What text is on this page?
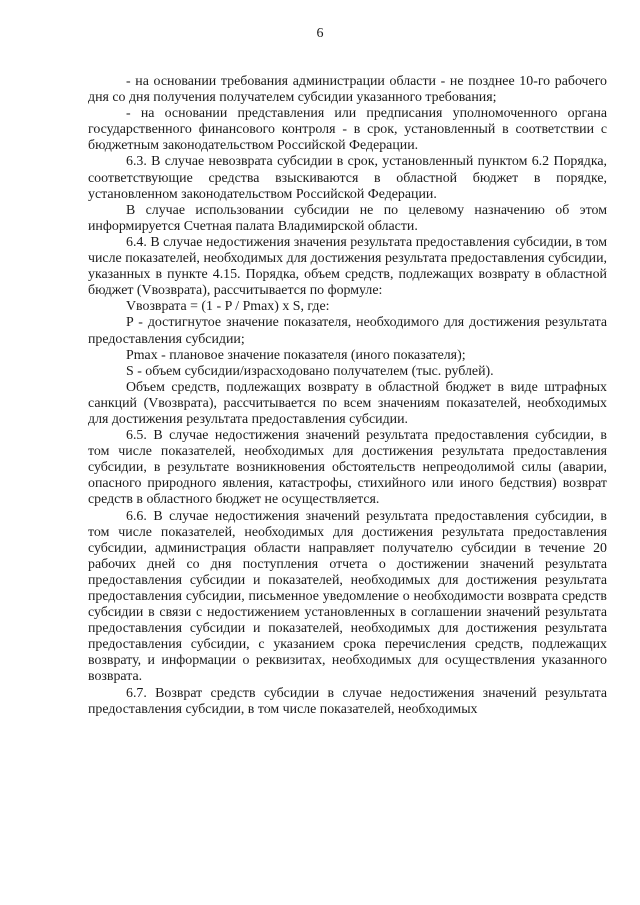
6

- на основании требования администрации области - не позднее 10-го рабочего дня со дня получения получателем субсидии указанного требования;

- на основании представления или предписания уполномоченного органа государственного финансового контроля - в срок, установленный в соответствии с бюджетным законодательством Российской Федерации.

6.3. В случае невозврата субсидии в срок, установленный пунктом 6.2 Порядка, соответствующие средства взыскиваются в областной бюджет в порядке, установленном законодательством Российской Федерации.

В случае использовании субсидии не по целевому назначению об этом информируется Счетная палата Владимирской области.

6.4. В случае недостижения значения результата предоставления субсидии, в том числе показателей, необходимых для достижения результата предоставления субсидии, указанных в пункте 4.15. Порядка, объем средств, подлежащих возврату в областной бюджет (Vвозврата), рассчитывается по формуле:

Vвозврата = (1 - P / Pmax) x S, где:

P - достигнутое значение показателя, необходимого для достижения результата предоставления субсидии;

Pmax - плановое значение показателя (иного показателя);

S - объем субсидии/израсходовано получателем (тыс. рублей).

Объем средств, подлежащих возврату в областной бюджет в виде штрафных санкций (Vвозврата), рассчитывается по всем значениям показателей, необходимых для достижения результата предоставления субсидии.

6.5. В случае недостижения значений результата предоставления субсидии, в том числе показателей, необходимых для достижения результата предоставления субсидии, в результате возникновения обстоятельств непреодолимой силы (аварии, опасного природного явления, катастрофы, стихийного или иного бедствия) возврат средств в областного бюджет не осуществляется.

6.6. В случае недостижения значений результата предоставления субсидии, в том числе показателей, необходимых для достижения результата предоставления субсидии, администрация области направляет получателю субсидии в течение 20 рабочих дней со дня поступления отчета о достижении значений результата предоставления субсидии и показателей, необходимых для достижения результата предоставления субсидии, письменное уведомление о необходимости возврата средств субсидии в связи с недостижением установленных в соглашении значений результата предоставления субсидии и показателей, необходимых для достижения результата предоставления субсидии, с указанием срока перечисления средств, подлежащих возврату, и информации о реквизитах, необходимых для осуществления указанного возврата.

6.7. Возврат средств субсидии в случае недостижения значений результата предоставления субсидии, в том числе показателей, необходимых
